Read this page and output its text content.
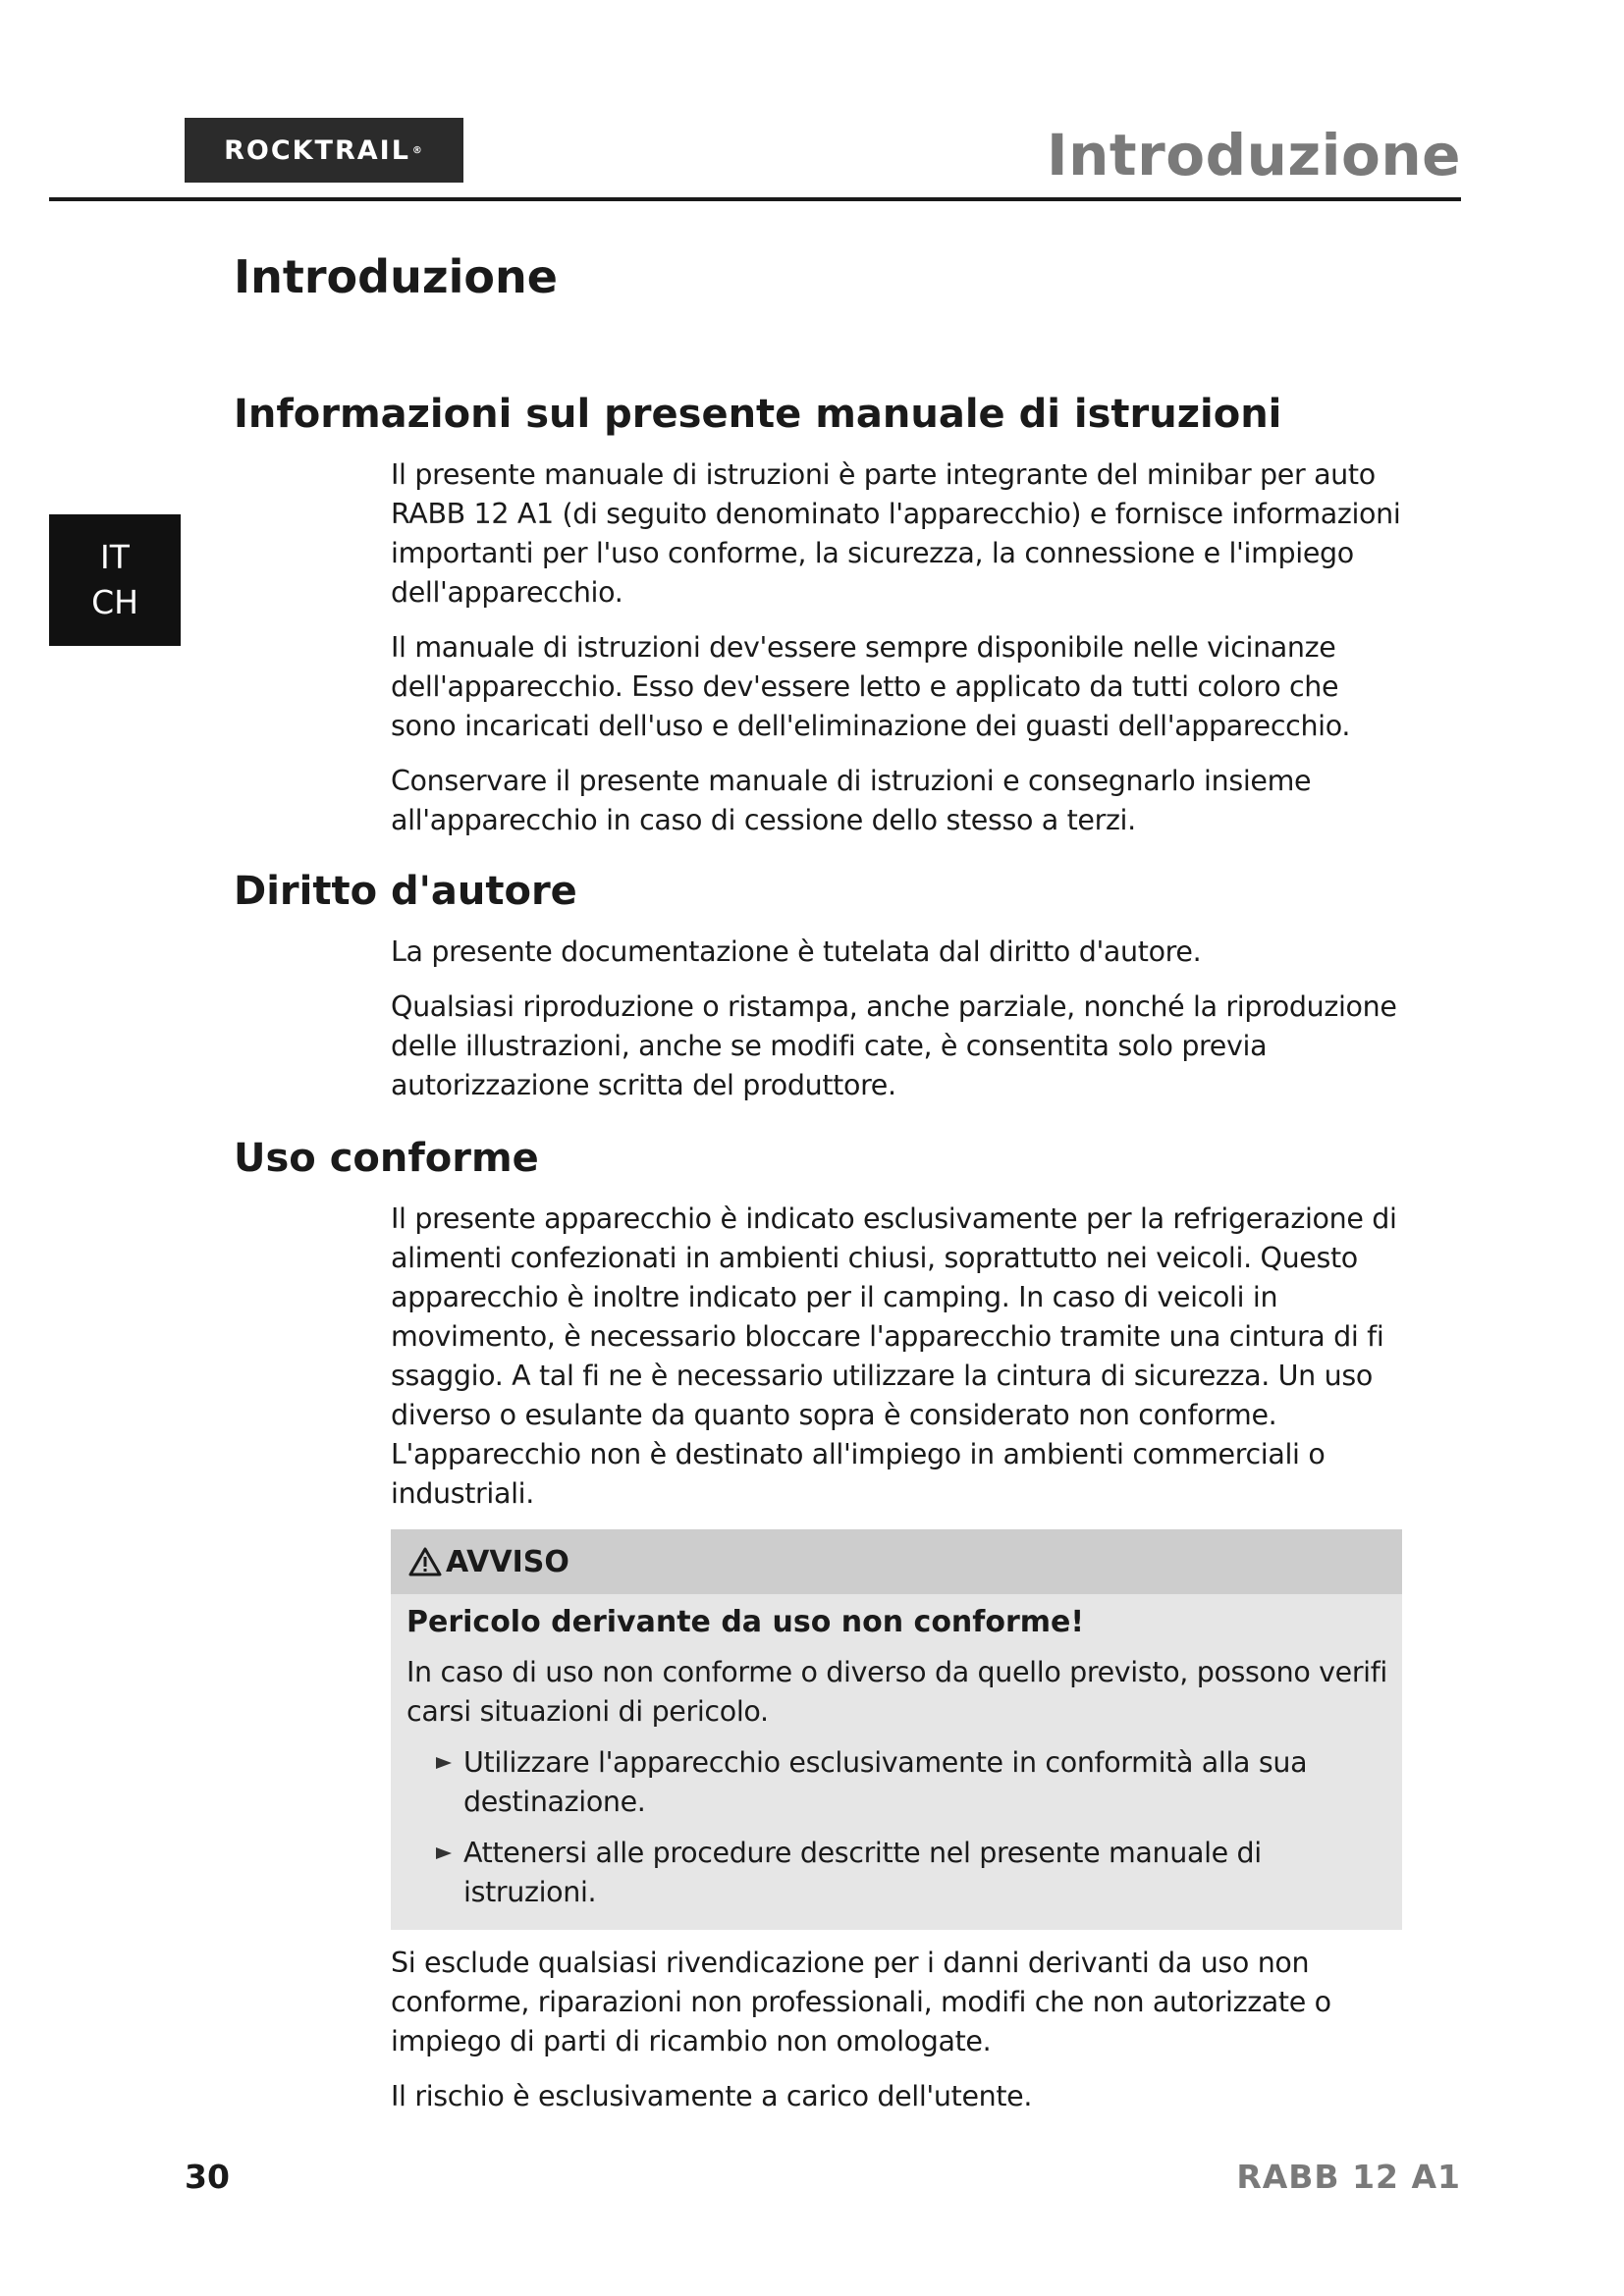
ROCKTRAIL ®	Introduzione
IT
CH
Introduzione
Informazioni sul presente manuale di istruzioni

Il presente manuale di istruzioni è parte integrante del minibar per auto RABB 12 A1 (di seguito denominato l'apparecchio) e fornisce informazioni importanti per l'uso conforme, la sicurezza, la connessione e l'impiego dell'apparecchio.

Il manuale di istruzioni dev'essere sempre disponibile nelle vicinanze dell'apparecchio. Esso dev'essere letto e applicato da tutti coloro che sono incaricati dell'uso e dell'eliminazione dei guasti dell'apparecchio.

Conservare il presente manuale di istruzioni e consegnarlo insieme all'apparecchio in caso di cessione dello stesso a terzi.

Diritto d'autore

La presente documentazione è tutelata dal diritto d'autore.

Qualsiasi riproduzione o ristampa, anche parziale, nonché la riproduzione delle illustrazioni, anche se modifi cate, è consentita solo previa autorizzazione scritta del produttore.

Uso conforme

Il presente apparecchio è indicato esclusivamente per la refrigerazione di alimenti confezionati in ambienti chiusi, soprattutto nei veicoli. Questo apparecchio è inoltre indicato per il camping. In caso di veicoli in movimento, è necessario bloccare l'apparecchio tramite una cintura di fi ssaggio. A tal fi ne è necessario utilizzare la cintura di sicurezza. Un uso diverso o esulante da quanto sopra è considerato non conforme. L'apparecchio non è destinato all'impiego in ambienti commerciali o industriali.

AVVISO
Pericolo derivante da uso non conforme!

In caso di uso non conforme o diverso da quello previsto, possono verifi carsi situazioni di pericolo.

Utilizzare l'apparecchio esclusivamente in conformità alla sua destinazione.
Attenersi alle procedure descritte nel presente manuale di istruzioni.

Si esclude qualsiasi rivendicazione per i danni derivanti da uso non conforme, riparazioni non professionali, modifi che non autorizzate o impiego di parti di ricambio non omologate.

Il rischio è esclusivamente a carico dell'utente.

30	RABB 12 A1
